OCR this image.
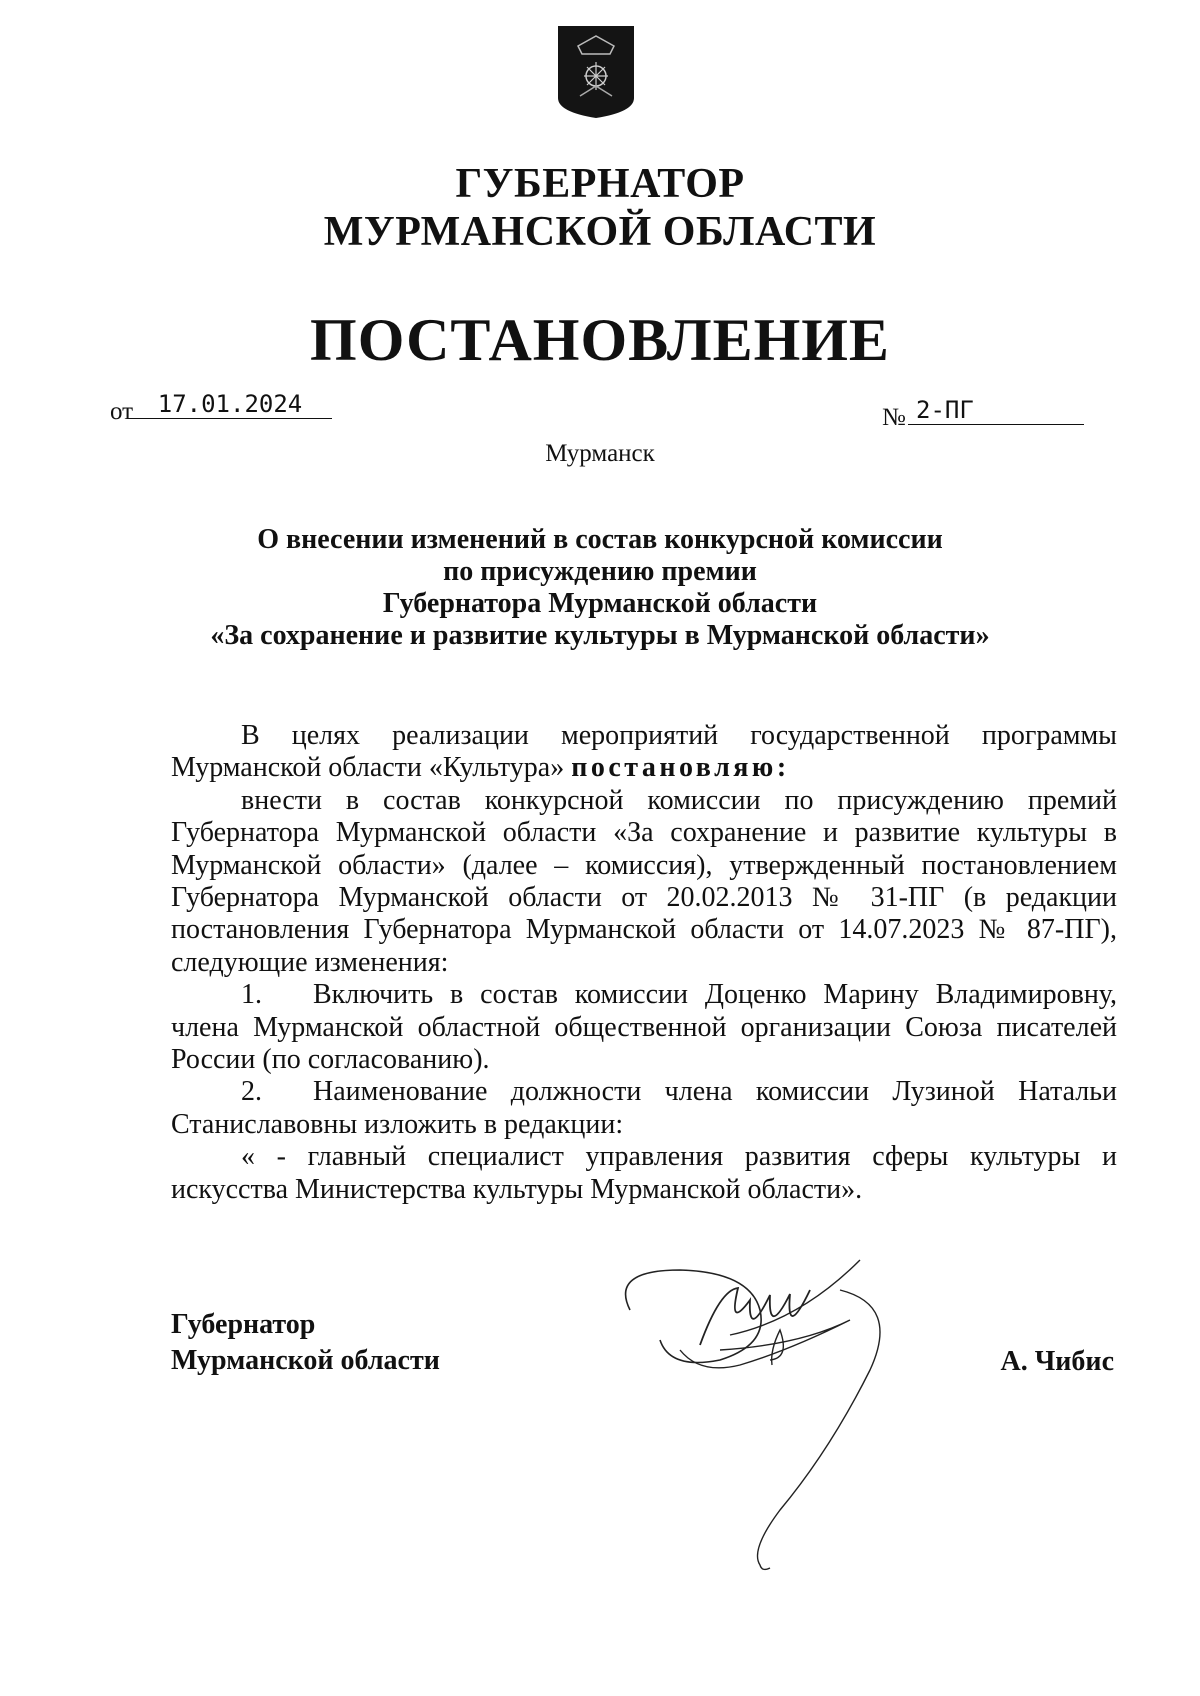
ГУБЕРНАТОР
МУРМАНСКОЙ ОБЛАСТИ
ПОСТАНОВЛЕНИЕ
от	17.01.2024	№ 2-ПГ
Мурманск
О внесении изменений в состав конкурсной комиссии
по присуждению премии
Губернатора Мурманской области
«За сохранение и развитие культуры в Мурманской области»

В целях реализации мероприятий государственной программы Мурманской области «Культура» постановляю:

внести в состав конкурсной комиссии по присуждению премий Губернатора Мурманской области «За сохранение и развитие культуры в Мурманской области» (далее – комиссия), утвержденный постановлением Губернатора Мурманской области от 20.02.2013 № 31-ПГ (в редакции постановления Губернатора Мурманской области от 14.07.2023 № 87-ПГ), следующие изменения:

1. Включить в состав комиссии Доценко Марину Владимировну, члена Мурманской областной общественной организации Союза писателей России (по согласованию).

2. Наименование должности члена комиссии Лузиной Натальи Станиславовны изложить в редакции:

« - главный специалист управления развития сферы культуры и искусства Министерства культуры Мурманской области».

Губернатор
Мурманской области	А. Чибис
